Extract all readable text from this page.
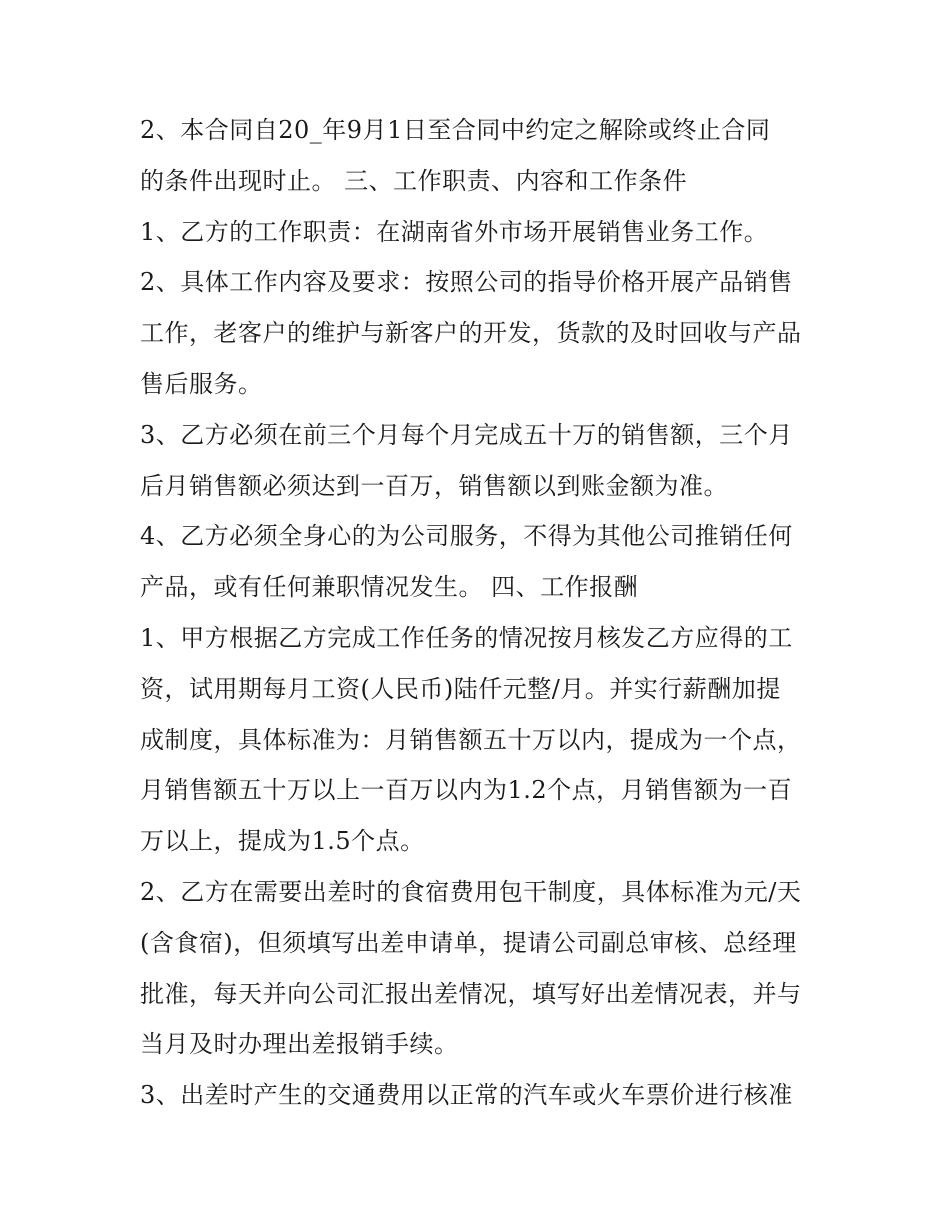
2、本合同自20_年9月1日至合同中约定之解除或终止合同

的条件出现时止。 三、工作职责、内容和工作条件

1、乙方的工作职责：在湖南省外市场开展销售业务工作。

2、具体工作内容及要求：按照公司的指导价格开展产品销售

工作，老客户的维护与新客户的开发，货款的及时回收与产品

售后服务。

3、乙方必须在前三个月每个月完成五十万的销售额，三个月

后月销售额必须达到一百万，销售额以到账金额为准。

4、乙方必须全身心的为公司服务，不得为其他公司推销任何

产品，或有任何兼职情况发生。 四、工作报酬

1、甲方根据乙方完成工作任务的情况按月核发乙方应得的工

资，试用期每月工资(人民币)陆仟元整/月。并实行薪酬加提

成制度，具体标准为：月销售额五十万以内，提成为一个点，

月销售额五十万以上一百万以内为1.2个点，月销售额为一百

万以上，提成为1.5个点。

2、乙方在需要出差时的食宿费用包干制度，具体标准为元/天

(含食宿)，但须填写出差申请单，提请公司副总审核、总经理

批准，每天并向公司汇报出差情况，填写好出差情况表，并与

当月及时办理出差报销手续。

3、出差时产生的交通费用以正常的汽车或火车票价进行核准
